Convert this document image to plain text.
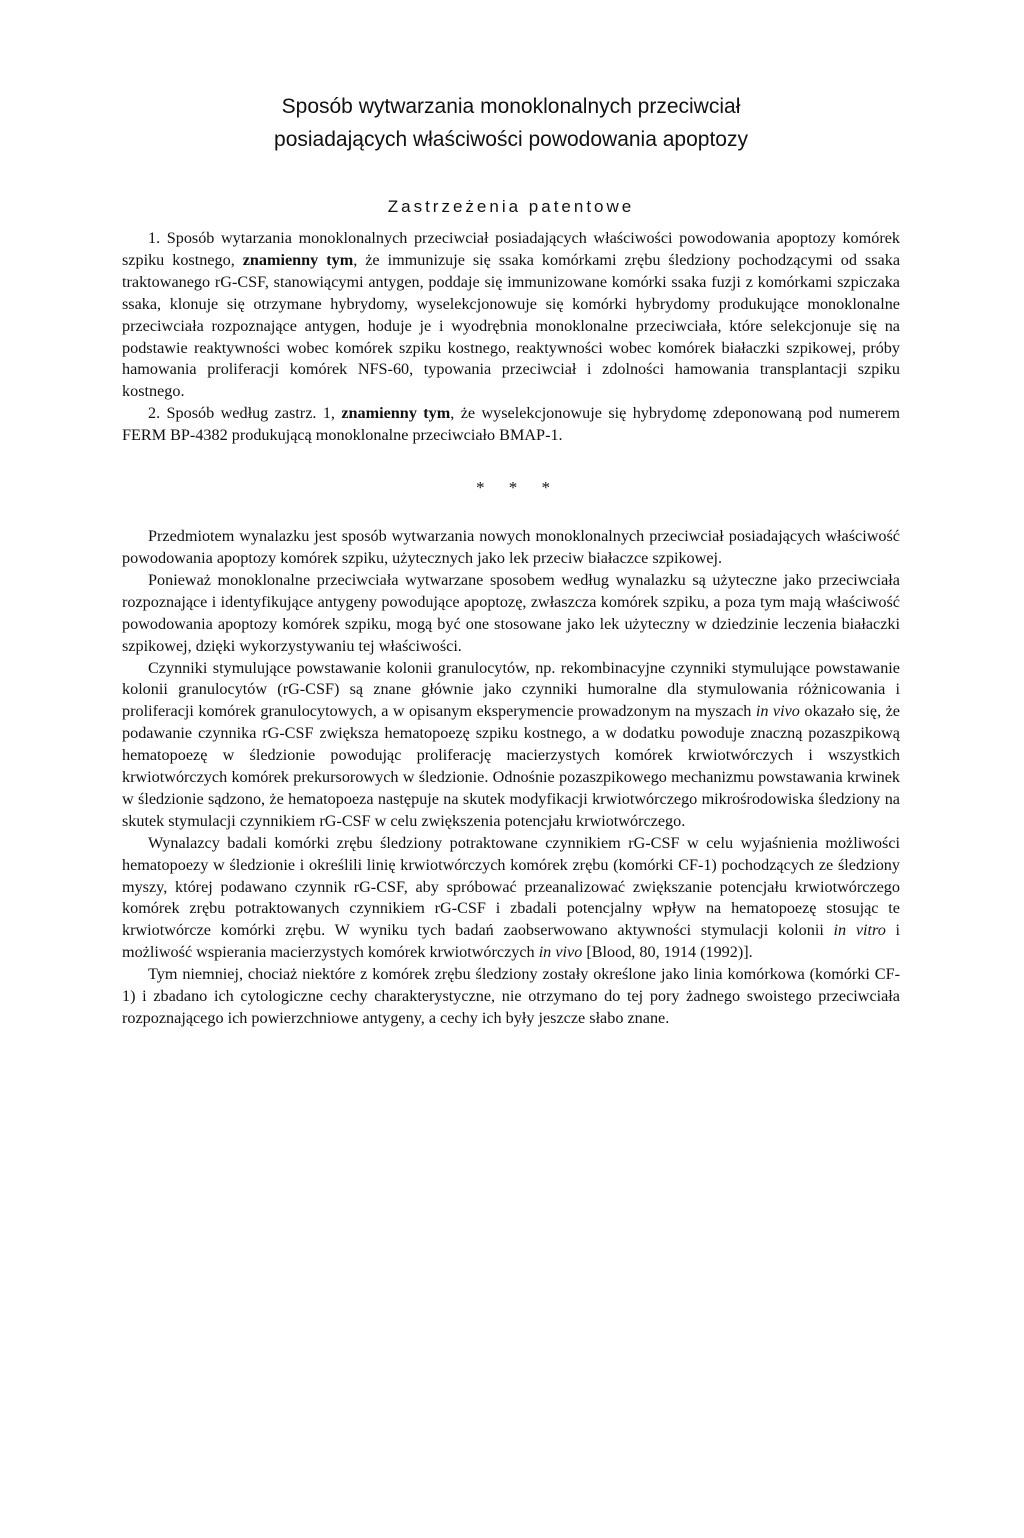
Sposób wytwarzania monoklonalnych przeciwciał
posiadających właściwości powodowania apoptozy
Zastrzeżenia patentowe

1. Sposób wytarzania monoklonalnych przeciwciał posiadających właściwości powodowania apoptozy komórek szpiku kostnego, znamienny tym, że immunizuje się ssaka komórkami zrębu śledziony pochodzącymi od ssaka traktowanego rG-CSF, stanowiącymi antygen, poddaje się immunizowane komórki ssaka fuzji z komórkami szpiczaka ssaka, klonuje się otrzymane hybrydomy, wyselekcjonowuje się komórki hybrydomy produkujące monoklonalne przeciwciała rozpoznające antygen, hoduje je i wyodrębnia monoklonalne przeciwciała, które selekcjonuje się na podstawie reaktywności wobec komórek szpiku kostnego, reaktywności wobec komórek białaczki szpikowej, próby hamowania proliferacji komórek NFS-60, typowania przeciwciał i zdolności hamowania transplantacji szpiku kostnego.

2. Sposób według zastrz. 1, znamienny tym, że wyselekcjonowuje się hybrydomę zdeponowaną pod numerem FERM BP-4382 produkującą monoklonalne przeciwciało BMAP-1.

* * *

Przedmiotem wynalazku jest sposób wytwarzania nowych monoklonalnych przeciwciał posiadających właściwość powodowania apoptozy komórek szpiku, użytecznych jako lek przeciw białaczce szpikowej.

Ponieważ monoklonalne przeciwciała wytwarzane sposobem według wynalazku są użyteczne jako przeciwciała rozpoznające i identyfikujące antygeny powodujące apoptozę, zwłaszcza komórek szpiku, a poza tym mają właściwość powodowania apoptozy komórek szpiku, mogą być one stosowane jako lek użyteczny w dziedzinie leczenia białaczki szpikowej, dzięki wykorzystywaniu tej właściwości.

Czynniki stymulujące powstawanie kolonii granulocytów, np. rekombinacyjne czynniki stymulujące powstawanie kolonii granulocytów (rG-CSF) są znane głównie jako czynniki humoralne dla stymulowania różnicowania i proliferacji komórek granulocytowych, a w opisanym eksperymencie prowadzonym na myszach in vivo okazało się, że podawanie czynnika rG-CSF zwiększa hematopoezę szpiku kostnego, a w dodatku powoduje znaczną pozaszpikową hematopoezę w śledzionie powodując proliferację macierzystych komórek krwiotwórczych i wszystkich krwiotwórczych komórek prekursorowych w śledzionie. Odnośnie pozaszpikowego mechanizmu powstawania krwinek w śledzionie sądzono, że hematopoeza następuje na skutek modyfikacji krwiotwórczego mikrośrodowiska śledziony na skutek stymulacji czynnikiem rG-CSF w celu zwiększenia potencjału krwiotwórczego.

Wynalazcy badali komórki zrębu śledziony potraktowane czynnikiem rG-CSF w celu wyjaśnienia możliwości hematopoezy w śledzionie i określili linię krwiotwórczych komórek zrębu (komórki CF-1) pochodzących ze śledziony myszy, której podawano czynnik rG-CSF, aby spróbować przeanalizować zwiększanie potencjału krwiotwórczego komórek zrębu potraktowanych czynnikiem rG-CSF i zbadali potencjalny wpływ na hematopoezę stosując te krwiotwórcze komórki zrębu. W wyniku tych badań zaobserwowano aktywności stymulacji kolonii in vitro i możliwość wspierania macierzystych komórek krwiotwórczych in vivo [Blood, 80, 1914 (1992)].

Tym niemniej, chociaż niektóre z komórek zrębu śledziony zostały określone jako linia komórkowa (komórki CF-1) i zbadano ich cytologiczne cechy charakterystyczne, nie otrzymano do tej pory żadnego swoistego przeciwciała rozpoznającego ich powierzchniowe antygeny, a cechy ich były jeszcze słabo znane.
